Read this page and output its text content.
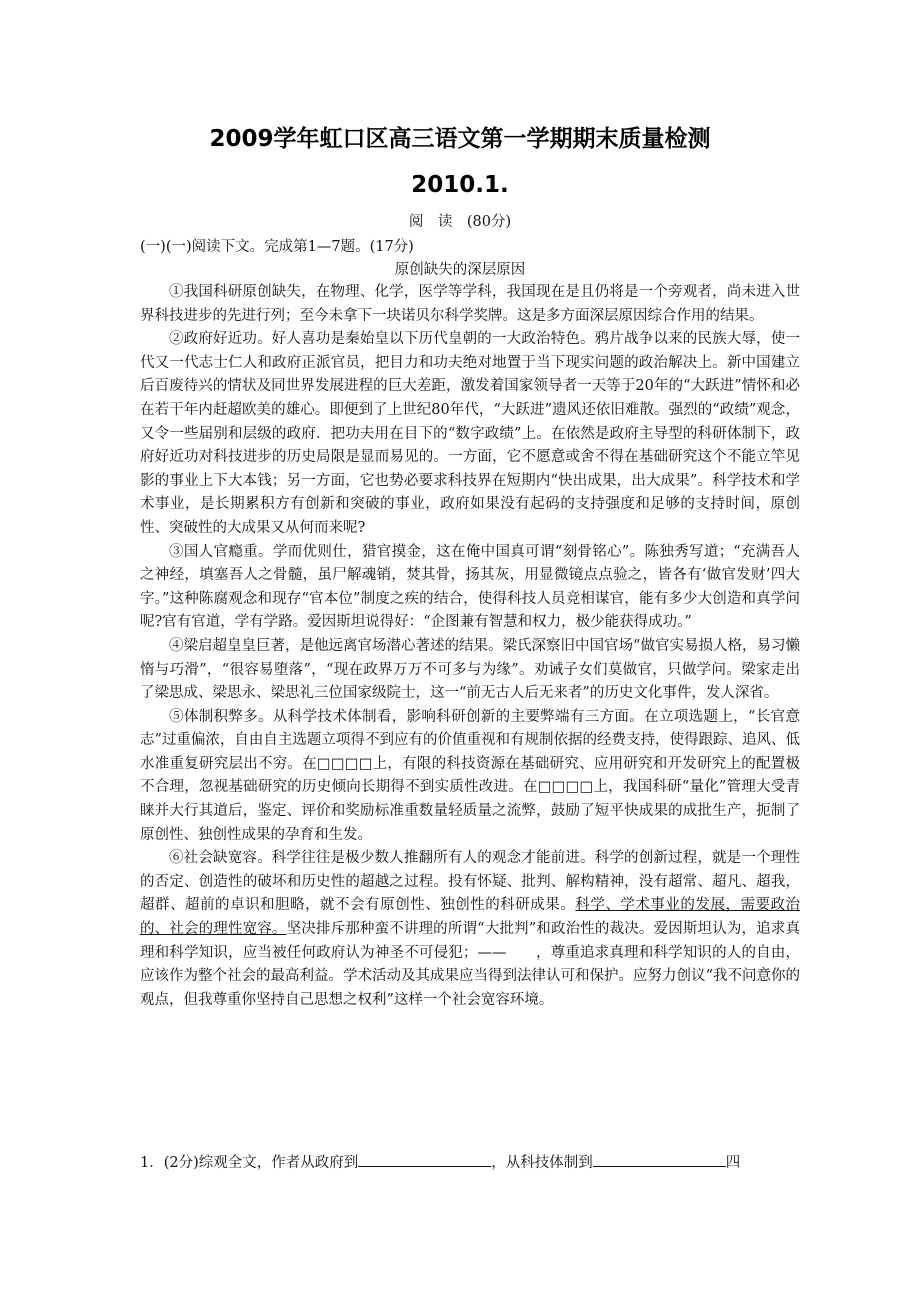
2009学年虹口区高三语文第一学期期末质量检测
2010.1.
阅　读　(80分)
(一)(一)阅读下文。完成第1—7题。(17分)
原创缺失的深层原因

①我国科研原创缺失，在物理、化学，医学等学科，我国现在是且仍将是一个旁观者，尚未进入世界科技进步的先进行列；至今未拿下一块诺贝尔科学奖牌。这是多方面深层原因综合作用的结果。

②政府好近功。好人喜功是秦始皇以下历代皇朝的一大政治特色。鸦片战争以来的民族大辱，使一代又一代志士仁人和政府正派官员，把目力和功夫绝对地置于当下现实问题的政治解决上。新中国建立后百废待兴的情状及同世界发展进程的巨大差距，激发着国家领导者一天等于20年的“大跃进”情怀和必在若干年内赶超欧美的雄心。即便到了上世纪80年代，“大跃进”遗风还依旧难散。强烈的“政绩”观念，又令一些届别和层级的政府．把功夫用在目下的“数字政绩”上。在依然是政府主导型的科研体制下，政府好近功对科技进步的历史局限是显而易见的。一方面，它不愿意或舍不得在基础研究这个不能立竿见影的事业上下大本钱；另一方面，它也势必要求科技界在短期内“快出成果，出大成果”。科学技术和学术事业，是长期累积方有创新和突破的事业，政府如果没有起码的支持强度和足够的支持时间，原创性、突破性的大成果又从何而来呢?

③国人官瘾重。学而优则仕，猎官摸金，这在俺中国真可谓“刻骨铭心”。陈独秀写道；“充满吾人之神经，填塞吾人之骨髓，虽尸解魂销，焚其骨，扬其灰，用显微镜点点验之，皆各有‘做官发财’四大字。”这种陈腐观念和现存“官本位”制度之疾的结合，使得科技人员竞相谋官，能有多少大创造和真学问呢?官有官道，学有学路。爱因斯坦说得好：“企图兼有智慧和权力，极少能获得成功。”

④梁启超皇皇巨著，是他远离官场潜心著述的结果。梁氏深察旧中国官场“做官实易损人格，易习懒惰与巧滑”，“很容易堕落”，“现在政界万万不可多与为缘”。劝诫子女们莫做官，只做学问。梁家走出了梁思成、梁思永、梁思礼三位国家级院士，这一“前无古人后无来者”的历史文化事件，发人深省。

⑤体制积弊多。从科学技术体制看，影响科研创新的主要弊端有三方面。在立项选题上，“长官意志”过重偏浓，自由自主选题立项得不到应有的价值重视和有规制依据的经费支持，使得跟踪、追风、低水准重复研究层出不穷。在□□□□上，有限的科技资源在基础研究、应用研究和开发研究上的配置极不合理，忽视基础研究的历史倾向长期得不到实质性改进。在□□□□上，我国科研“量化”管理大受青睐并大行其道后，鉴定、评价和奖励标准重数量轻质量之流弊，鼓励了短平快成果的成批生产，扼制了原创性、独创性成果的孕育和生发。

⑥社会缺宽容。科学往往是极少数人推翻所有人的观念才能前进。科学的创新过程，就是一个理性的否定、创造性的破坏和历史性的超越之过程。投有怀疑、批判、解构精神，没有超常、超凡、超我，超群、超前的卓识和胆略，就不会有原创性、独创性的科研成果。科学、学术事业的发展，需要政治的、社会的理性宽容。坚决排斥那种蛮不讲理的所谓“大批判”和政治性的裁决。爱因斯坦认为，追求真理和科学知识，应当被任何政府认为神圣不可侵犯；——　　，尊重追求真理和科学知识的人的自由，应该作为整个社会的最高利益。学术活动及其成果应当得到法律认可和保护。应努力创议“我不问意你的观点，但我尊重你坚持自己思想之权利”这样一个社会宽容环境。

1．(2分)综观全文，作者从政府到	，从科技体制到	四
